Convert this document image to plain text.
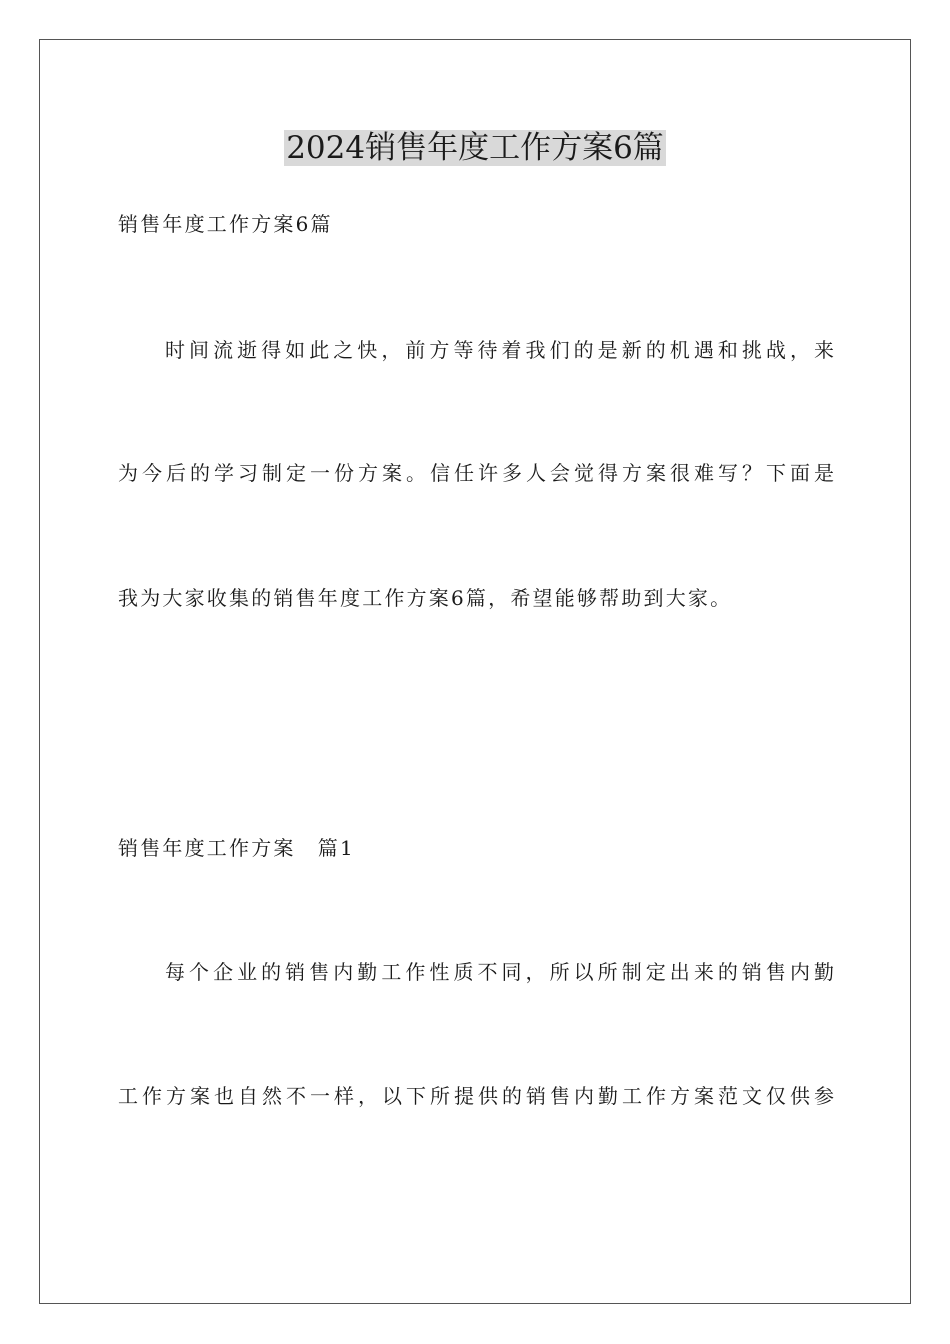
2024销售年度工作方案6篇
销售年度工作方案6篇
时间流逝得如此之快，前方等待着我们的是新的机遇和挑战，来
为今后的学习制定一份方案。信任许多人会觉得方案很难写？下面是
我为大家收集的销售年度工作方案6篇，希望能够帮助到大家。
销售年度工作方案　篇1
每个企业的销售内勤工作性质不同，所以所制定出来的销售内勤
工作方案也自然不一样，以下所提供的销售内勤工作方案范文仅供参
